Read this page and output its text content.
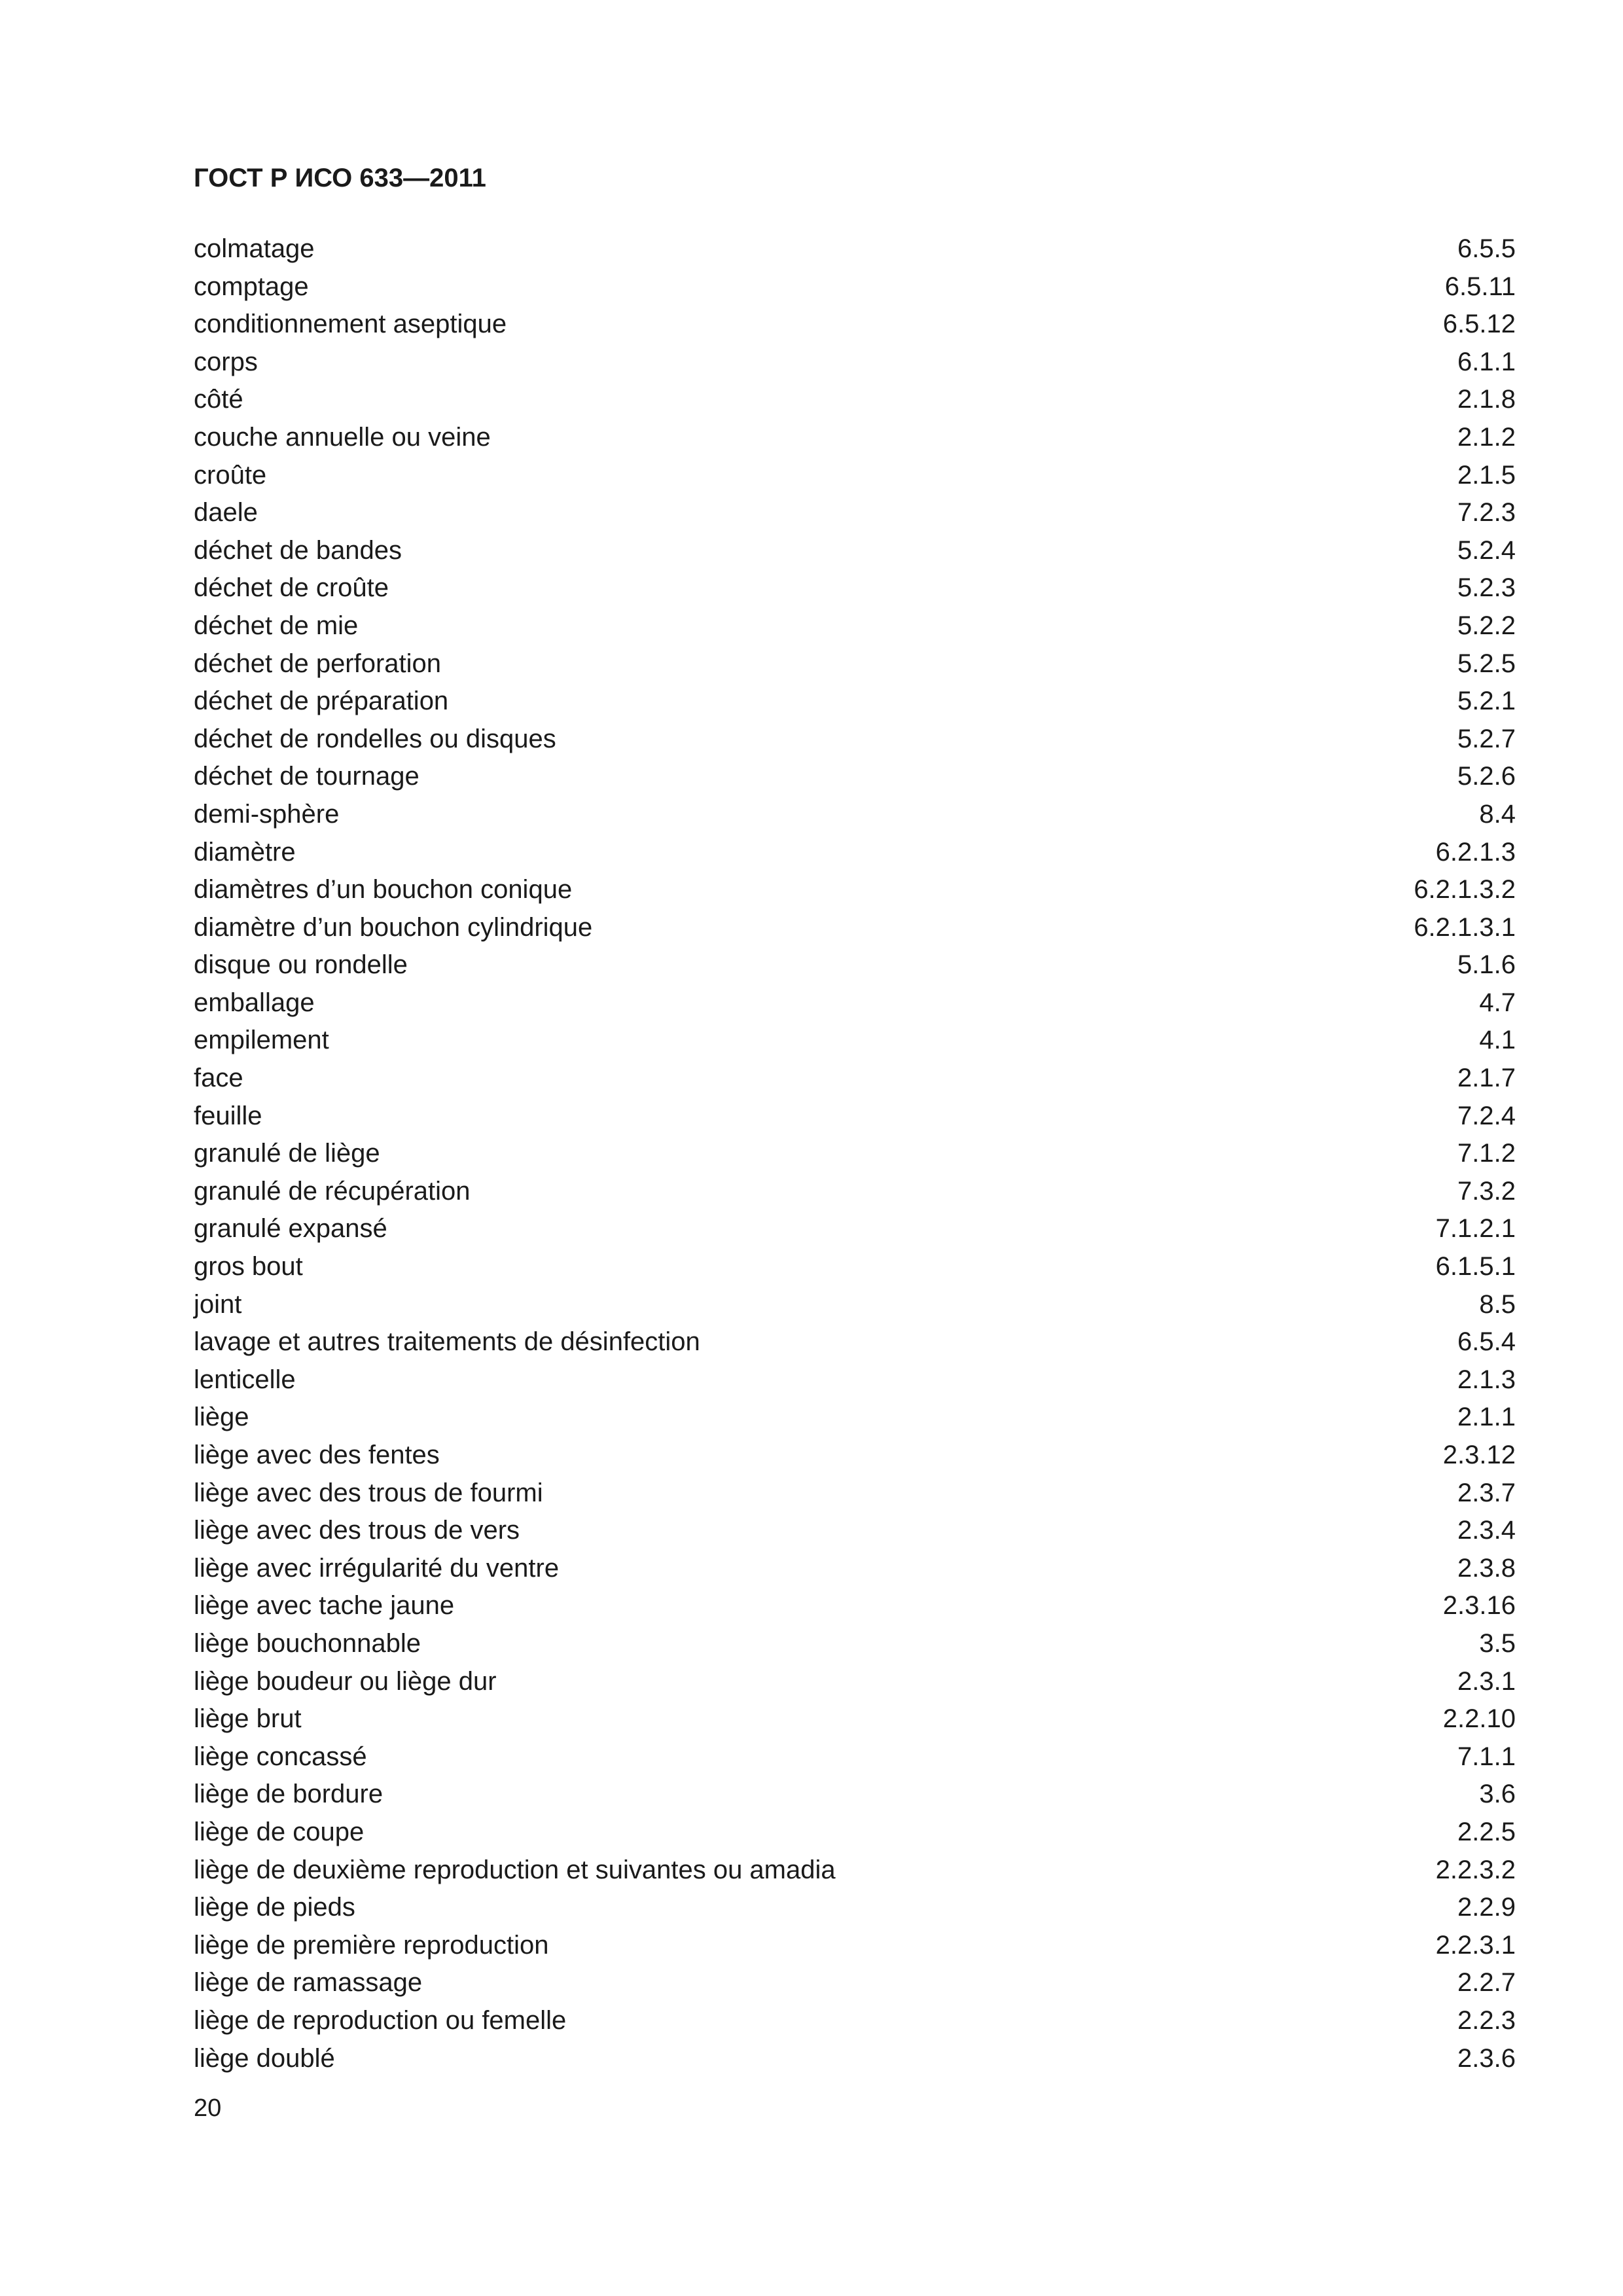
ГОСТ Р ИСО 633—2011
colmatage	6.5.5
comptage	6.5.11
conditionnement aseptique	6.5.12
corps	6.1.1
côté	2.1.8
couche annuelle ou veine	2.1.2
croûte	2.1.5
daele	7.2.3
déchet de bandes	5.2.4
déchet de croûte	5.2.3
déchet de mie	5.2.2
déchet de perforation	5.2.5
déchet de préparation	5.2.1
déchet de rondelles ou disques	5.2.7
déchet de tournage	5.2.6
demi-sphère	8.4
diamètre	6.2.1.3
diamètres d’un bouchon conique	6.2.1.3.2
diamètre d’un bouchon cylindrique	6.2.1.3.1
disque ou rondelle	5.1.6
emballage	4.7
empilement	4.1
face	2.1.7
feuille	7.2.4
granulé de liège	7.1.2
granulé de récupération	7.3.2
granulé expansé	7.1.2.1
gros bout	6.1.5.1
joint	8.5
lavage et autres traitements de désinfection	6.5.4
lenticelle	2.1.3
liège	2.1.1
liège avec des fentes	2.3.12
liège avec des trous de fourmi	2.3.7
liège avec des trous de vers	2.3.4
liège avec irrégularité du ventre	2.3.8
liège avec tache jaune	2.3.16
liège bouchonnable	3.5
liège boudeur ou liège dur	2.3.1
liège brut	2.2.10
liège concassé	7.1.1
liège de bordure	3.6
liège de coupe	2.2.5
liège de deuxième reproduction et suivantes ou amadia	2.2.3.2
liège de pieds	2.2.9
liège de première reproduction	2.2.3.1
liège de ramassage	2.2.7
liège de reproduction ou femelle	2.2.3
liège doublé	2.3.6
20
